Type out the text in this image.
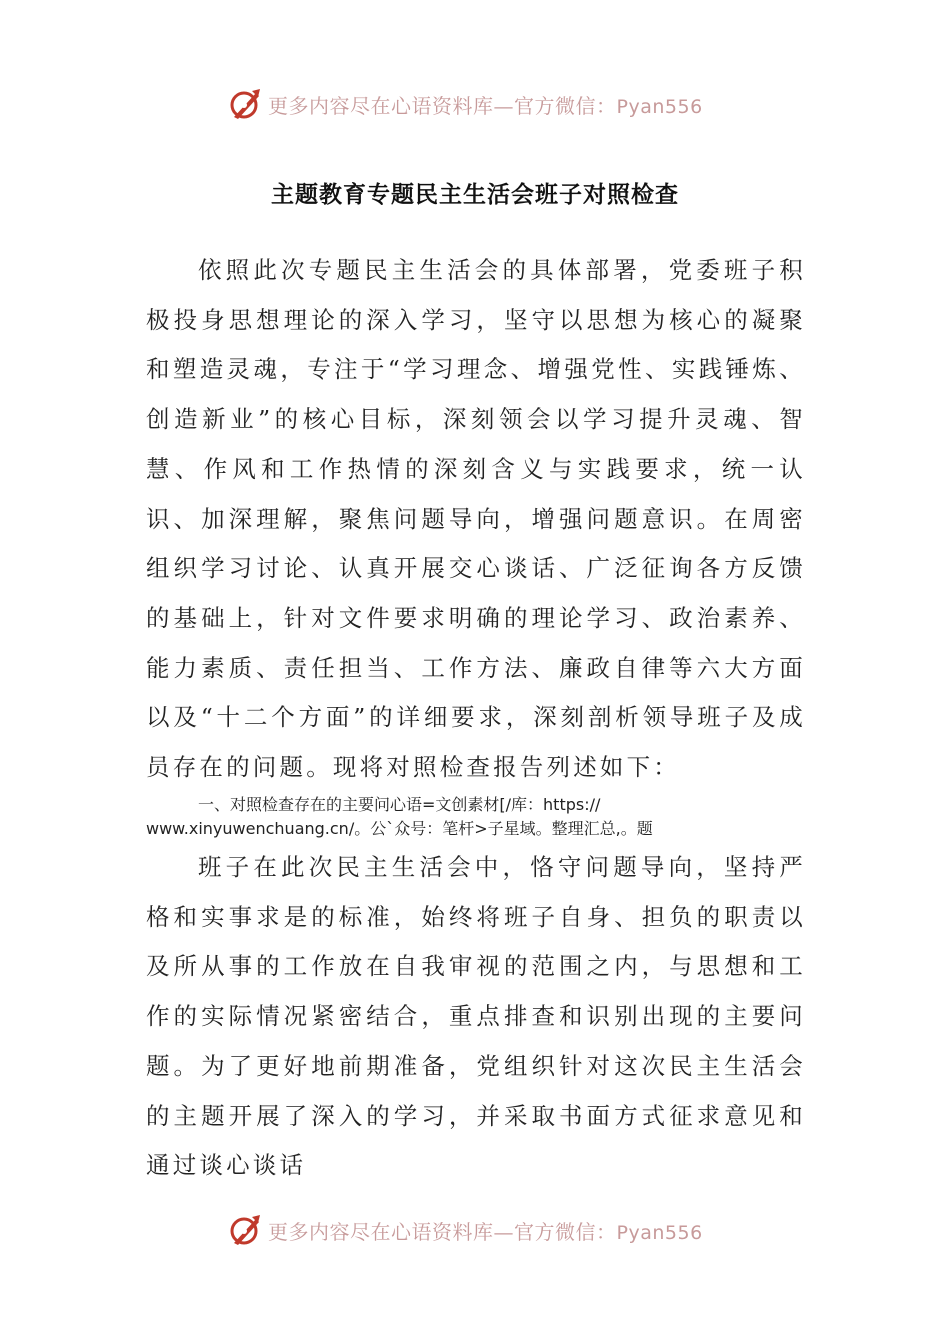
更多内容尽在心语资料库—官方微信：Pyan556
主题教育专题民主生活会班子对照检查

依照此次专题民主生活会的具体部署，党委班子积极投身思想理论的深入学习，坚守以思想为核心的凝聚和塑造灵魂，专注于“学习理念、增强党性、实践锤炼、创造新业”的核心目标，深刻领会以学习提升灵魂、智慧、作风和工作热情的深刻含义与实践要求，统一认识、加深理解，聚焦问题导向，增强问题意识。在周密组织学习讨论、认真开展交心谈话、广泛征询各方反馈的基础上，针对文件要求明确的理论学习、政治素养、能力素质、责任担当、工作方法、廉政自律等六大方面以及“十二个方面”的详细要求，深刻剖析领导班子及成员存在的问题。现将对照检查报告列述如下：

一、对照检查存在的主要问心语=文创素材[/库：https://
www.xinyuwenchuang.cn/。公`众号：笔杆>子星域。整理汇总,。题

班子在此次民主生活会中，恪守问题导向，坚持严格和实事求是的标准，始终将班子自身、担负的职责以及所从事的工作放在自我审视的范围之内，与思想和工作的实际情况紧密结合，重点排查和识别出现的主要问题。为了更好地前期准备，党组织针对这次民主生活会的主题开展了深入的学习，并采取书面方式征求意见和通过谈心谈话

更多内容尽在心语资料库—官方微信：Pyan556
